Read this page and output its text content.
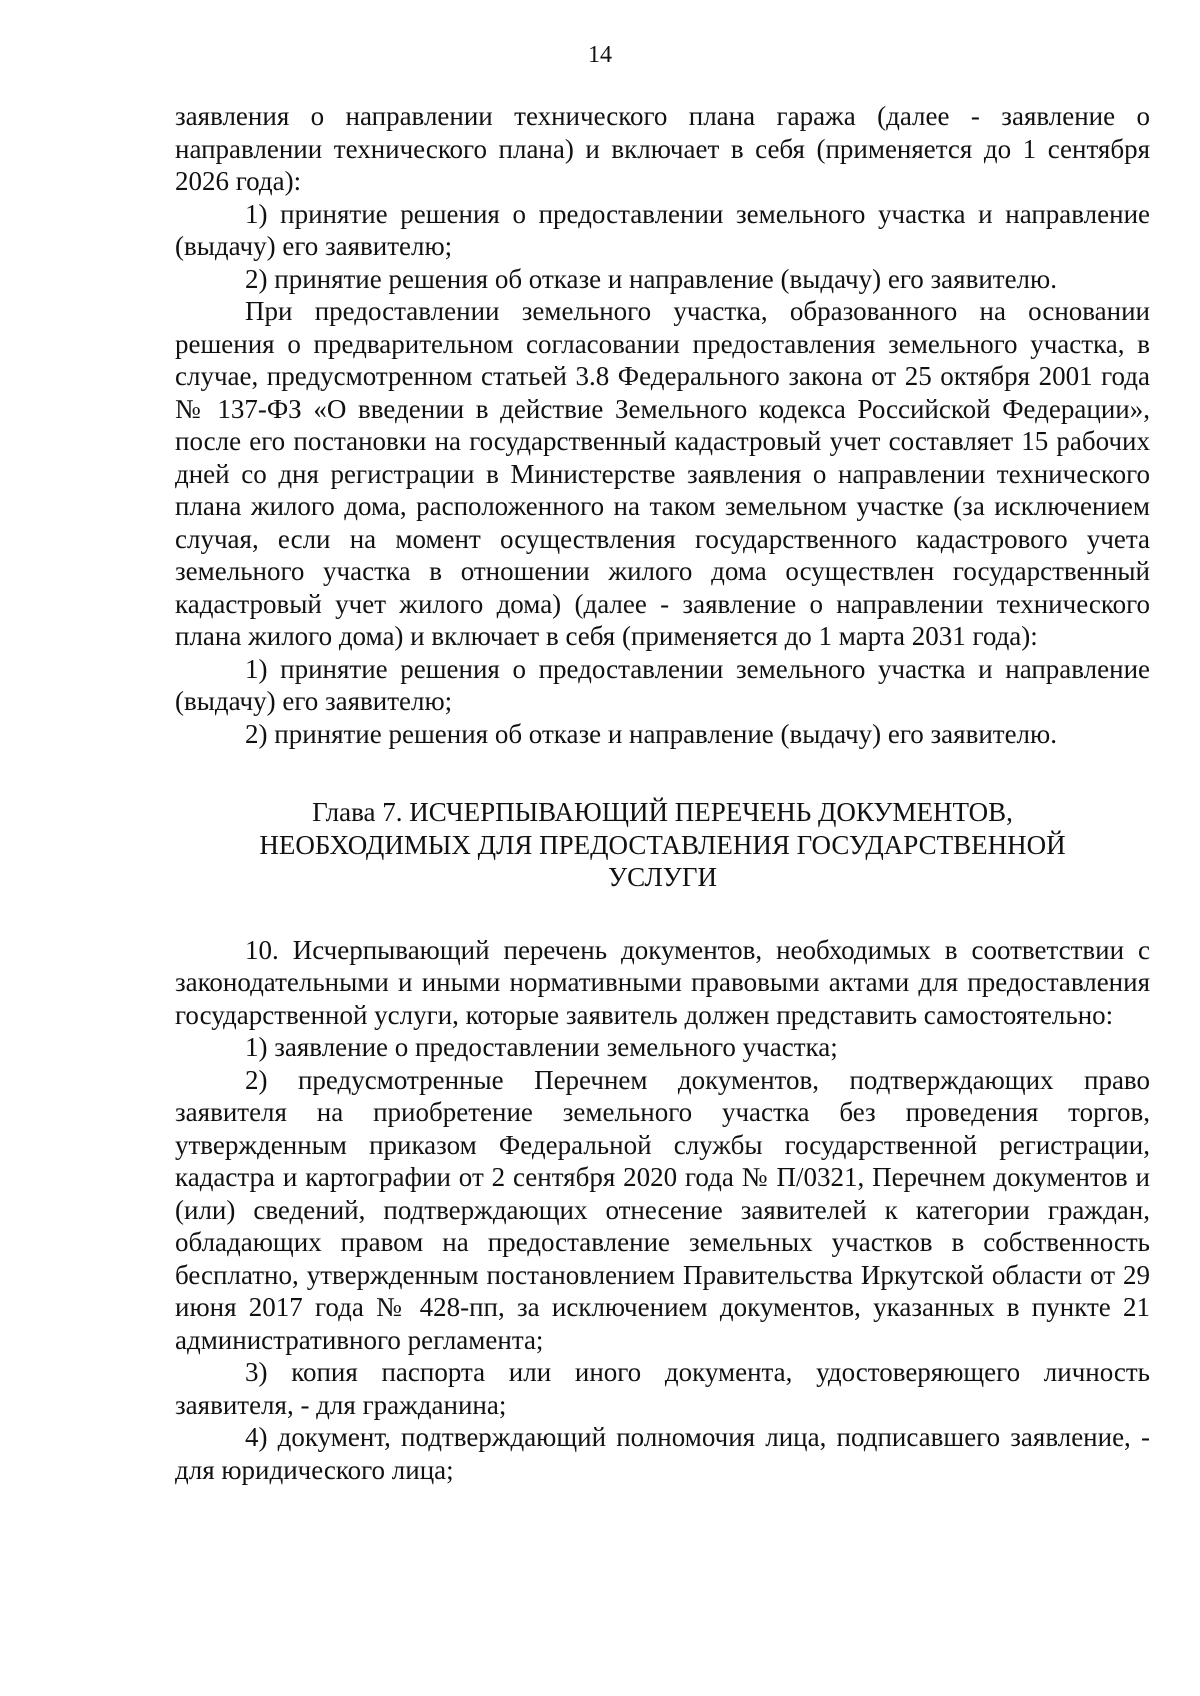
14

заявления о направлении технического плана гаража (далее - заявление о направлении технического плана) и включает в себя (применяется до 1 сентября 2026 года):

1) принятие решения о предоставлении земельного участка и направление (выдачу) его заявителю;

2) принятие решения об отказе и направление (выдачу) его заявителю.

При предоставлении земельного участка, образованного на основании решения о предварительном согласовании предоставления земельного участка, в случае, предусмотренном статьей 3.8 Федерального закона от 25 октября 2001 года № 137-ФЗ «О введении в действие Земельного кодекса Российской Федерации», после его постановки на государственный кадастровый учет составляет 15 рабочих дней со дня регистрации в Министерстве заявления о направлении технического плана жилого дома, расположенного на таком земельном участке (за исключением случая, если на момент осуществления государственного кадастрового учета земельного участка в отношении жилого дома осуществлен государственный кадастровый учет жилого дома) (далее - заявление о направлении технического плана жилого дома) и включает в себя (применяется до 1 марта 2031 года):

1) принятие решения о предоставлении земельного участка и направление (выдачу) его заявителю;

2) принятие решения об отказе и направление (выдачу) его заявителю.

Глава 7. ИСЧЕРПЫВАЮЩИЙ ПЕРЕЧЕНЬ ДОКУМЕНТОВ,
НЕОБХОДИМЫХ ДЛЯ ПРЕДОСТАВЛЕНИЯ ГОСУДАРСТВЕННОЙ
УСЛУГИ

10. Исчерпывающий перечень документов, необходимых в соответствии с законодательными и иными нормативными правовыми актами для предоставления государственной услуги, которые заявитель должен представить самостоятельно:

1) заявление о предоставлении земельного участка;

2) предусмотренные Перечнем документов, подтверждающих право заявителя на приобретение земельного участка без проведения торгов, утвержденным приказом Федеральной службы государственной регистрации, кадастра и картографии от 2 сентября 2020 года № П/0321, Перечнем документов и (или) сведений, подтверждающих отнесение заявителей к категории граждан, обладающих правом на предоставление земельных участков в собственность бесплатно, утвержденным постановлением Правительства Иркутской области от 29 июня 2017 года № 428-пп, за исключением документов, указанных в пункте 21 административного регламента;

3) копия паспорта или иного документа, удостоверяющего личность заявителя, - для гражданина;

4) документ, подтверждающий полномочия лица, подписавшего заявление, - для юридического лица;
